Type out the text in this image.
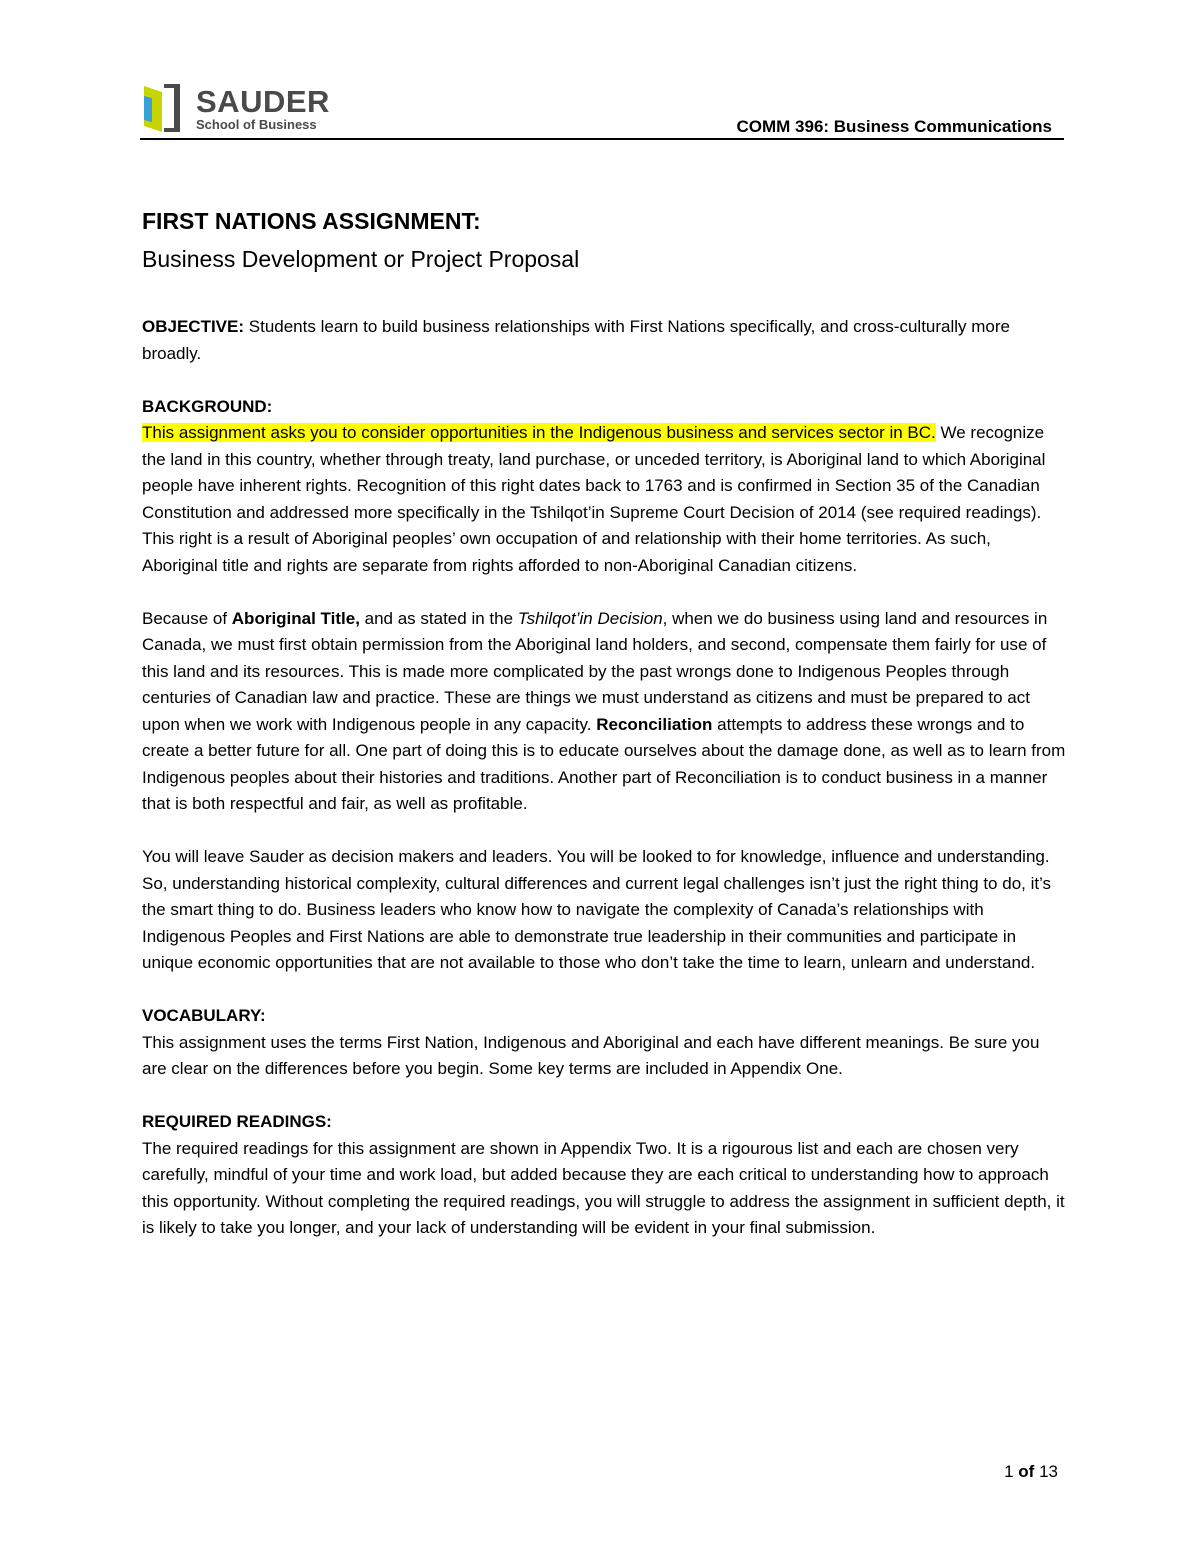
SAUDER
School of Business	COMM 396: Business Communications
FIRST NATIONS ASSIGNMENT:
Business Development or Project Proposal

OBJECTIVE: Students learn to build business relationships with First Nations specifically, and cross-culturally more broadly.

BACKGROUND:

This assignment asks you to consider opportunities in the Indigenous business and services sector in BC. We recognize the land in this country, whether through treaty, land purchase, or unceded territory, is Aboriginal land to which Aboriginal people have inherent rights. Recognition of this right dates back to 1763 and is confirmed in Section 35 of the Canadian Constitution and addressed more specifically in the Tshilqot’in Supreme Court Decision of 2014 (see required readings). This right is a result of Aboriginal peoples’ own occupation of and relationship with their home territories. As such, Aboriginal title and rights are separate from rights afforded to non-Aboriginal Canadian citizens.

Because of Aboriginal Title, and as stated in the Tshilqot’in Decision, when we do business using land and resources in Canada, we must first obtain permission from the Aboriginal land holders, and second, compensate them fairly for use of this land and its resources. This is made more complicated by the past wrongs done to Indigenous Peoples through centuries of Canadian law and practice. These are things we must understand as citizens and must be prepared to act upon when we work with Indigenous people in any capacity. Reconciliation attempts to address these wrongs and to create a better future for all. One part of doing this is to educate ourselves about the damage done, as well as to learn from Indigenous peoples about their histories and traditions. Another part of Reconciliation is to conduct business in a manner that is both respectful and fair, as well as profitable.

You will leave Sauder as decision makers and leaders. You will be looked to for knowledge, influence and understanding. So, understanding historical complexity, cultural differences and current legal challenges isn’t just the right thing to do, it’s the smart thing to do. Business leaders who know how to navigate the complexity of Canada’s relationships with Indigenous Peoples and First Nations are able to demonstrate true leadership in their communities and participate in unique economic opportunities that are not available to those who don’t take the time to learn, unlearn and understand.

VOCABULARY:

This assignment uses the terms First Nation, Indigenous and Aboriginal and each have different meanings. Be sure you are clear on the differences before you begin. Some key terms are included in Appendix One.

REQUIRED READINGS:

The required readings for this assignment are shown in Appendix Two. It is a rigourous list and each are chosen very carefully, mindful of your time and work load, but added because they are each critical to understanding how to approach this opportunity. Without completing the required readings, you will struggle to address the assignment in sufficient depth, it is likely to take you longer, and your lack of understanding will be evident in your final submission.

1 of 13
